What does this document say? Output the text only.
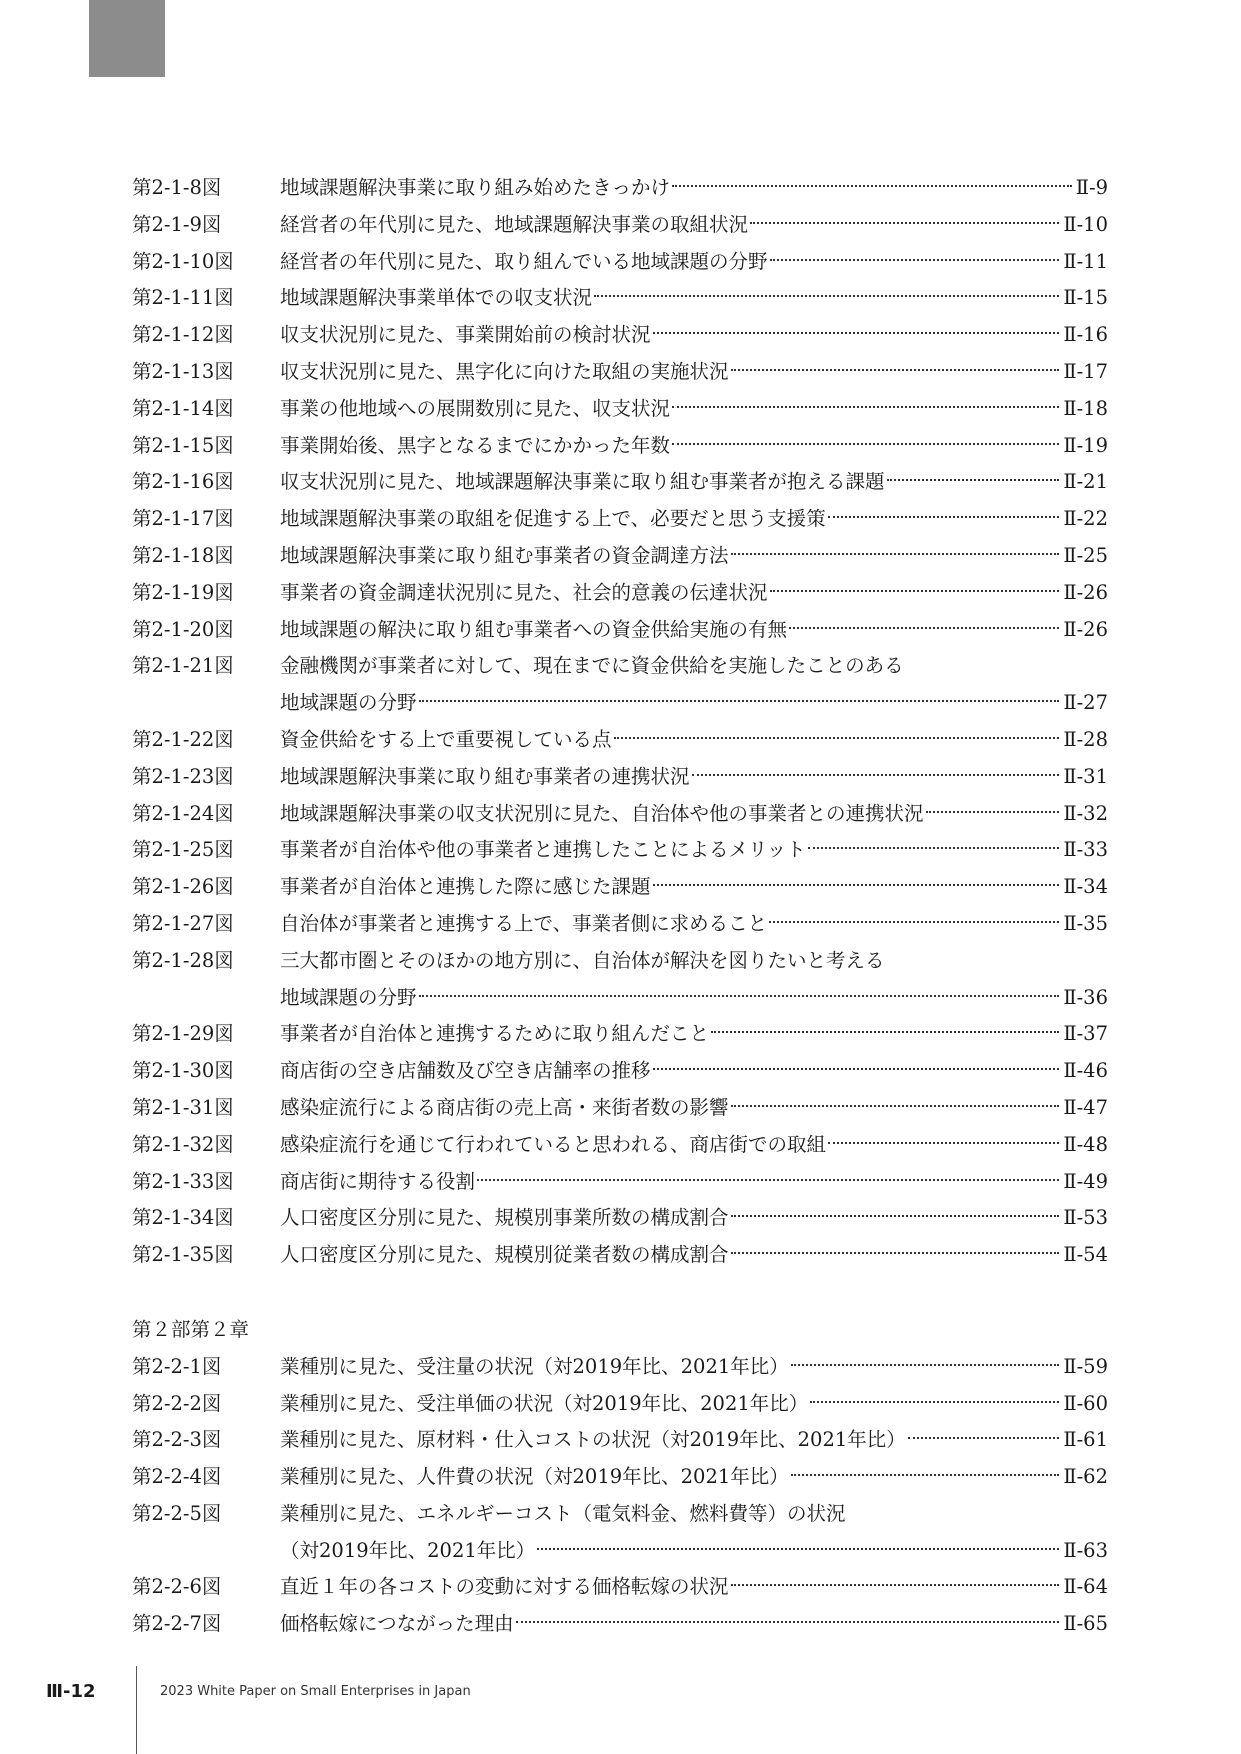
第2-1-8図	地域課題解決事業に取り組み始めたきっかけ	Ⅱ-9
第2-1-9図	経営者の年代別に見た、地域課題解決事業の取組状況	Ⅱ-10
第2-1-10図 経営者の年代別に見た、取り組んでいる地域課題の分野	Ⅱ-11
第2-1-11図 地域課題解決事業単体での収支状況	Ⅱ-15
第2-1-12図 収支状況別に見た、事業開始前の検討状況	Ⅱ-16
第2-1-13図 収支状況別に見た、黒字化に向けた取組の実施状況	Ⅱ-17
第2-1-14図 事業の他地域への展開数別に見た、収支状況	Ⅱ-18
第2-1-15図 事業開始後、黒字となるまでにかかった年数	Ⅱ-19
第2-1-16図 収支状況別に見た、地域課題解決事業に取り組む事業者が抱える課題	Ⅱ-21
第2-1-17図 地域課題解決事業の取組を促進する上で、必要だと思う支援策	Ⅱ-22
第2-1-18図 地域課題解決事業に取り組む事業者の資金調達方法	Ⅱ-25
第2-1-19図 事業者の資金調達状況別に見た、社会的意義の伝達状況	Ⅱ-26
第2-1-20図 地域課題の解決に取り組む事業者への資金供給実施の有無	Ⅱ-26
第2-1-21図 金融機関が事業者に対して、現在までに資金供給を実施したことのある
地域課題の分野	Ⅱ-27
第2-1-22図 資金供給をする上で重要視している点	Ⅱ-28
第2-1-23図 地域課題解決事業に取り組む事業者の連携状況	Ⅱ-31
第2-1-24図 地域課題解決事業の収支状況別に見た、自治体や他の事業者との連携状況	Ⅱ-32
第2-1-25図 事業者が自治体や他の事業者と連携したことによるメリット	Ⅱ-33
第2-1-26図 事業者が自治体と連携した際に感じた課題	Ⅱ-34
第2-1-27図 自治体が事業者と連携する上で、事業者側に求めること	Ⅱ-35
第2-1-28図 三大都市圏とそのほかの地方別に、自治体が解決を図りたいと考える
地域課題の分野	Ⅱ-36
第2-1-29図 事業者が自治体と連携するために取り組んだこと	Ⅱ-37
第2-1-30図 商店街の空き店舗数及び空き店舗率の推移	Ⅱ-46
第2-1-31図 感染症流行による商店街の売上高・来街者数の影響	Ⅱ-47
第2-1-32図 感染症流行を通じて行われていると思われる、商店街での取組	Ⅱ-48
第2-1-33図 商店街に期待する役割	Ⅱ-49
第2-1-34図 人口密度区分別に見た、規模別事業所数の構成割合	Ⅱ-53
第2-1-35図 人口密度区分別に見た、規模別従業者数の構成割合	Ⅱ-54
第２部第２章
第2-2-1図	業種別に見た、受注量の状況（対2019年比、2021年比）	Ⅱ-59
第2-2-2図	業種別に見た、受注単価の状況（対2019年比、2021年比）	Ⅱ-60
第2-2-3図	業種別に見た、原材料・仕入コストの状況（対2019年比、2021年比）	Ⅱ-61
第2-2-4図	業種別に見た、人件費の状況（対2019年比、2021年比）	Ⅱ-62
第2-2-5図	業種別に見た、エネルギーコスト（電気料金、燃料費等）の状況
（対2019年比、2021年比）	Ⅱ-63
第2-2-6図	直近１年の各コストの変動に対する価格転嫁の状況	Ⅱ-64
第2-2-7図	価格転嫁につながった理由	Ⅱ-65
Ⅲ-12	2023 White Paper on Small Enterprises in Japan
